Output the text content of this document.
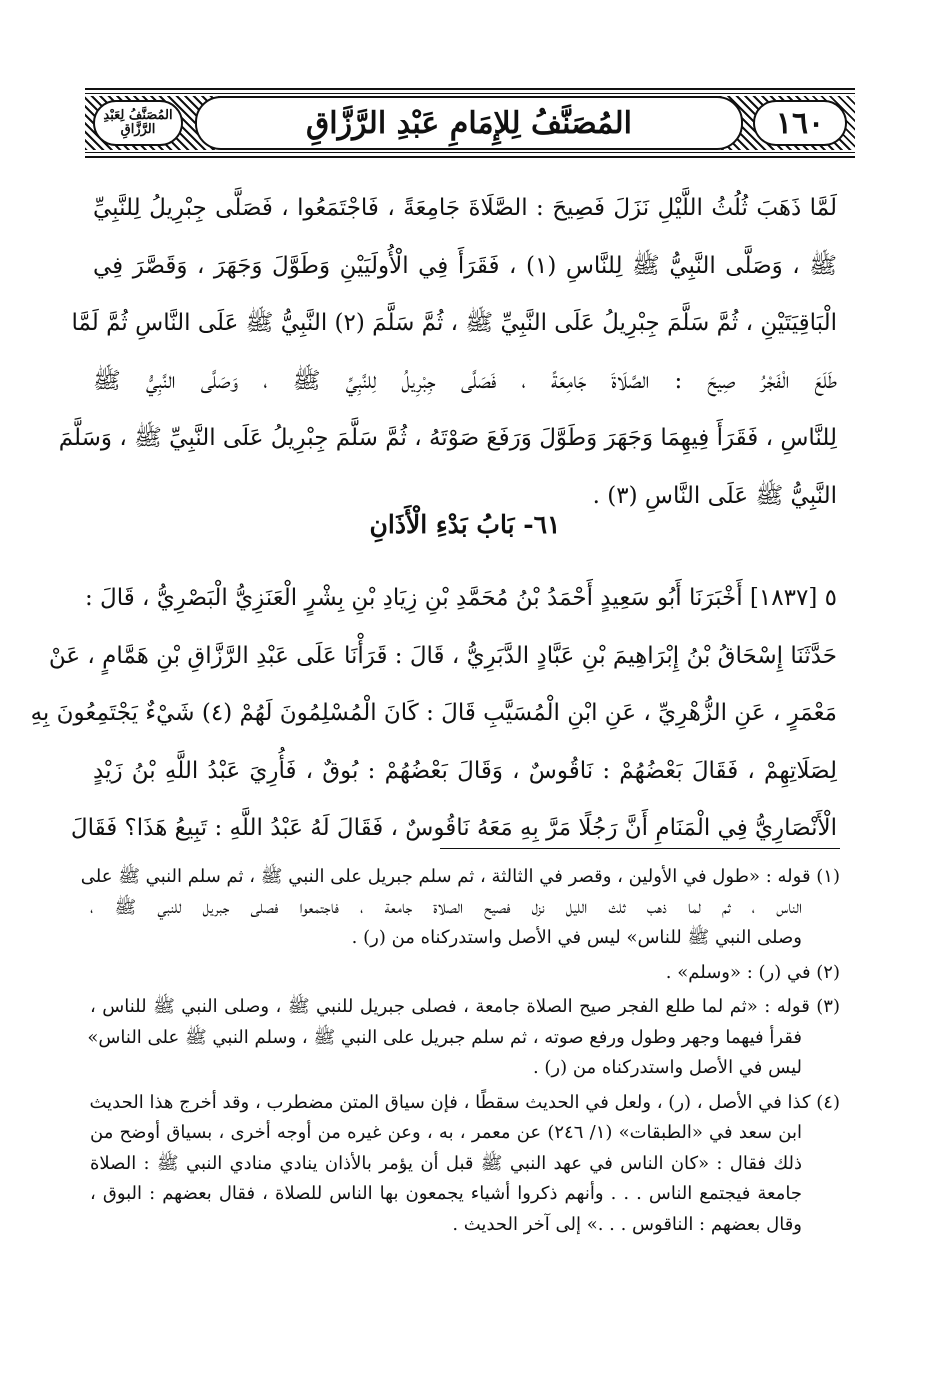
المُصَنَّفُ لِعَبْدِ الرَّزَّاقِ	المُصَنَّفُ لِلإِمَامِ عَبْدِ الرَّزَّاقِ	١٦٠
لَمَّا ذَهَبَ ثُلُثُ اللَّيْلِ نَزَلَ فَصِيحَ : الصَّلَاةَ جَامِعَةً ، فَاجْتَمَعُوا ، فَصَلَّى جِبْرِيلُ لِلنَّبِيِّ
ﷺ ، وَصَلَّى النَّبِيُّ ﷺ لِلنَّاسِ (١) ، فَقَرَأَ فِي الْأُولَيَيْنِ وَطَوَّلَ وَجَهَرَ ، وَقَصَّرَ فِي
الْبَاقِيَتَيْنِ ، ثُمَّ سَلَّمَ جِبْرِيلُ عَلَى النَّبِيِّ ﷺ ، ثُمَّ سَلَّمَ (٢) النَّبِيُّ ﷺ عَلَى النَّاسِ ثُمَّ لَمَّا
طَلَعَ الْفَجْرُ صِيحَ : الصَّلَاةَ جَامِعَةً ، فَصَلَّى جِبْرِيلُ لِلنَّبِيِّ ﷺ ، وَصَلَّى النَّبِيُّ ﷺ
لِلنَّاسِ ، فَقَرَأَ فِيهِمَا وَجَهَرَ وَطَوَّلَ وَرَفَعَ صَوْتَهُ ، ثُمَّ سَلَّمَ جِبْرِيلُ عَلَى النَّبِيِّ ﷺ ، وَسَلَّمَ
النَّبِيُّ ﷺ عَلَى النَّاسِ (٣) .
٦١- بَابُ بَدْءِ الْأَذَانِ
٥ [١٨٣٧] أَخْبَرَنَا أَبُو سَعِيدٍ أَحْمَدُ بْنُ مُحَمَّدِ بْنِ زِيَادِ بْنِ بِشْرٍ الْعَنَزِيُّ الْبَصْرِيُّ ، قَالَ :
حَدَّثَنَا إِسْحَاقُ بْنُ إِبْرَاهِيمَ بْنِ عَبَّادٍ الدَّبَرِيُّ ، قَالَ : قَرَأْنَا عَلَى عَبْدِ الرَّزَّاقِ بْنِ هَمَّامٍ ، عَنْ
مَعْمَرٍ ، عَنِ الزُّهْرِيِّ ، عَنِ ابْنِ الْمُسَيَّبِ قَالَ : كَانَ الْمُسْلِمُونَ لَهُمْ (٤) شَيْءٌ يَجْتَمِعُونَ بِهِ
لِصَلَاتِهِمْ ، فَقَالَ بَعْضُهُمْ : نَاقُوسٌ ، وَقَالَ بَعْضُهُمْ : بُوقٌ ، فَأُرِيَ عَبْدُ اللَّهِ بْنُ زَيْدٍ
الْأَنْصَارِيُّ فِي الْمَنَامِ أَنَّ رَجُلًا مَرَّ بِهِ مَعَهُ نَاقُوسٌ ، فَقَالَ لَهُ عَبْدُ اللَّهِ : تَبِيعُ هَذَا؟ فَقَالَ
(١) قوله : «طول في الأولين ، وقصر في الثالثة ، ثم سلم جبريل على النبي ﷺ ، ثم سلم النبي ﷺ على
الناس ، ثم لما ذهب ثلث الليل نزل فصيح الصلاة جامعة ، فاجتمعوا فصلى جبريل للنبي ﷺ ،
وصلى النبي ﷺ للناس» ليس في الأصل واستدركناه من (ر) .
(٢) في (ر) : «وسلم» .
(٣) قوله : «ثم لما طلع الفجر صيح الصلاة جامعة ، فصلى جبريل للنبي ﷺ ، وصلى النبي ﷺ للناس ،
فقرأ فيهما وجهر وطول ورفع صوته ، ثم سلم جبريل على النبي ﷺ ، وسلم النبي ﷺ على الناس»
ليس في الأصل واستدركناه من (ر) .
(٤) كذا في الأصل ، (ر) ، ولعل في الحديث سقطًا ، فإن سياق المتن مضطرب ، وقد أخرج هذا الحديث
ابن سعد في «الطبقات» (١/ ٢٤٦) عن معمر ، به ، وعن غيره من أوجه أخرى ، بسياق أوضح من
ذلك فقال : «كان الناس في عهد النبي ﷺ قبل أن يؤمر بالأذان ينادي منادي النبي ﷺ : الصلاة
جامعة فيجتمع الناس . . . وأنهم ذكروا أشياء يجمعون بها الناس للصلاة ، فقال بعضهم : البوق ،
وقال بعضهم : الناقوس . . .» إلى آخر الحديث .
